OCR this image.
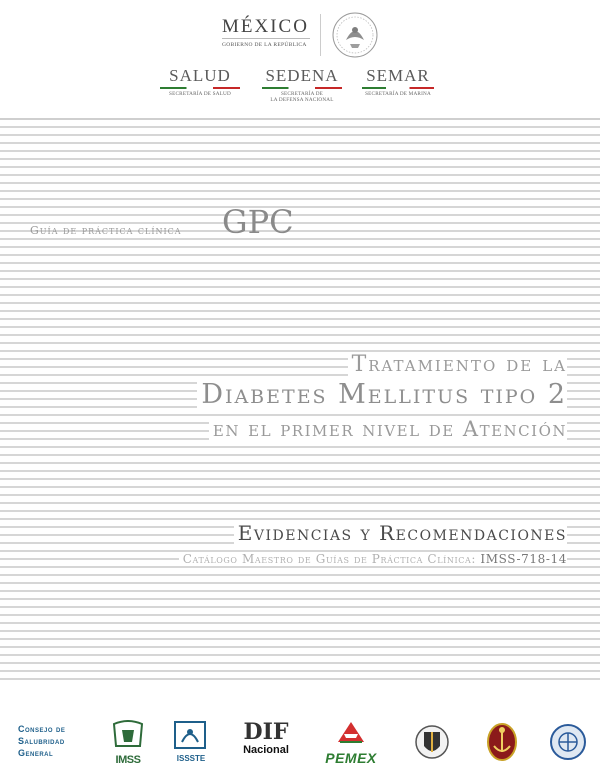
MÉXICO
GOBIERNO DE LA REPÚBLICA
SALUD
SECRETARÍA DE SALUD
SEDENA
SECRETARÍA DE
LA DEFENSA NACIONAL
SEMAR
SECRETARÍA DE MARINA
Guía de práctica clínica GPC
Tratamiento de la
Diabetes Mellitus tipo 2
en el primer nivel de Atención
Evidencias y Recomendaciones
Catálogo Maestro de Guías de Práctica Clínica: IMSS-718-14
Consejo de
Salubridad
General
IMSS	ISSSTE
DIF
Nacional	PEMEX
